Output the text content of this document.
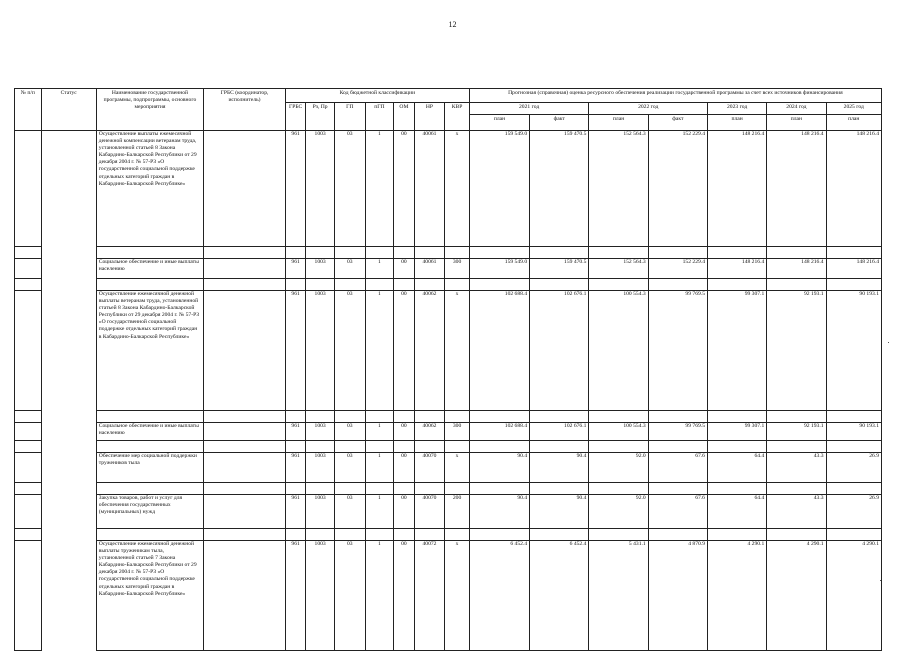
12
№ п/п	Статус	Наименование государственной программы, подпрограммы, основного мероприятия	ГРБС (координатор, исполнитель)	Код бюджетной классификации							Прогнозная (справочная) оценка ресурсного обеспечения реализации государственной программы за счет всех источников финансирования						
				ГРБС	Рз, Пр	ГП	пГП	ОМ	НР	КВР	2021 год		2022 год		2023 год	2024 год	2025 год
											план	факт	план	факт	план	план	план
		Осуществление выплаты ежемесячной денежной компенсации ветеранам труда, установленной статьей 8 Закона Кабардино-Балкарской Республики от 29 декабря 2004 г. № 57-РЗ «О государственной социальной поддержке отдельных категорий граждан в Кабардино-Балкарской Республике»		961	1003	03	1	00	40061	x	159 549.0	159 470.5	152 564.3	152 229.4	148 216.4	148 216.4	148 216.4

		Социальное обеспечение и иные выплаты населению		961	1003	03	1	00	40061	300	159 549.0	159 470.5	152 564.3	152 229.4	148 216.4	148 216.4	148 216.4

		Осуществление ежемесячной денежной выплаты ветеранам труда, установленной статьей 8 Закона Кабардино-Балкарской Республики от 29 декабря 2004 г. № 57-РЗ «О государственной социальной поддержке отдельных категорий граждан в Кабардино-Балкарской Республике»		961	1003	03	1	00	40062	x	102 688.4	102 676.1	100 554.3	99 769.5	99 307.1	92 193.1	90 193.1

		Социальное обеспечение и иные выплаты населению		961	1003	03	1	00	40062	300	102 688.4	102 676.1	100 554.3	99 769.5	99 307.1	92 193.1	90 193.1

		Обеспечение мер социальной поддержки тружеников тыла		961	1003	03	1	00	40070	x	90.4	90.4	92.0	67.6	64.4	43.3	26.9

		Закупка товаров, работ и услуг для обеспечения государственных (муниципальных) нужд		961	1003	03	1	00	40070	200	90.4	90.4	92.0	67.6	64.4	43.3	26.9

		Осуществление ежемесячной денежной выплаты труженикам тыла, установленной статьей 7 Закона Кабардино-Балкарской Республики от 29 декабря 2004 г. № 57-РЗ «О государственной социальной поддержке отдельных категорий граждан в Кабардино-Балкарской Республике»		961	1003	03	1	00	40072	x	6 452.4	6 452.4	5 431.1	4 870.9	4 290.1	4 290.1	4 290.1
